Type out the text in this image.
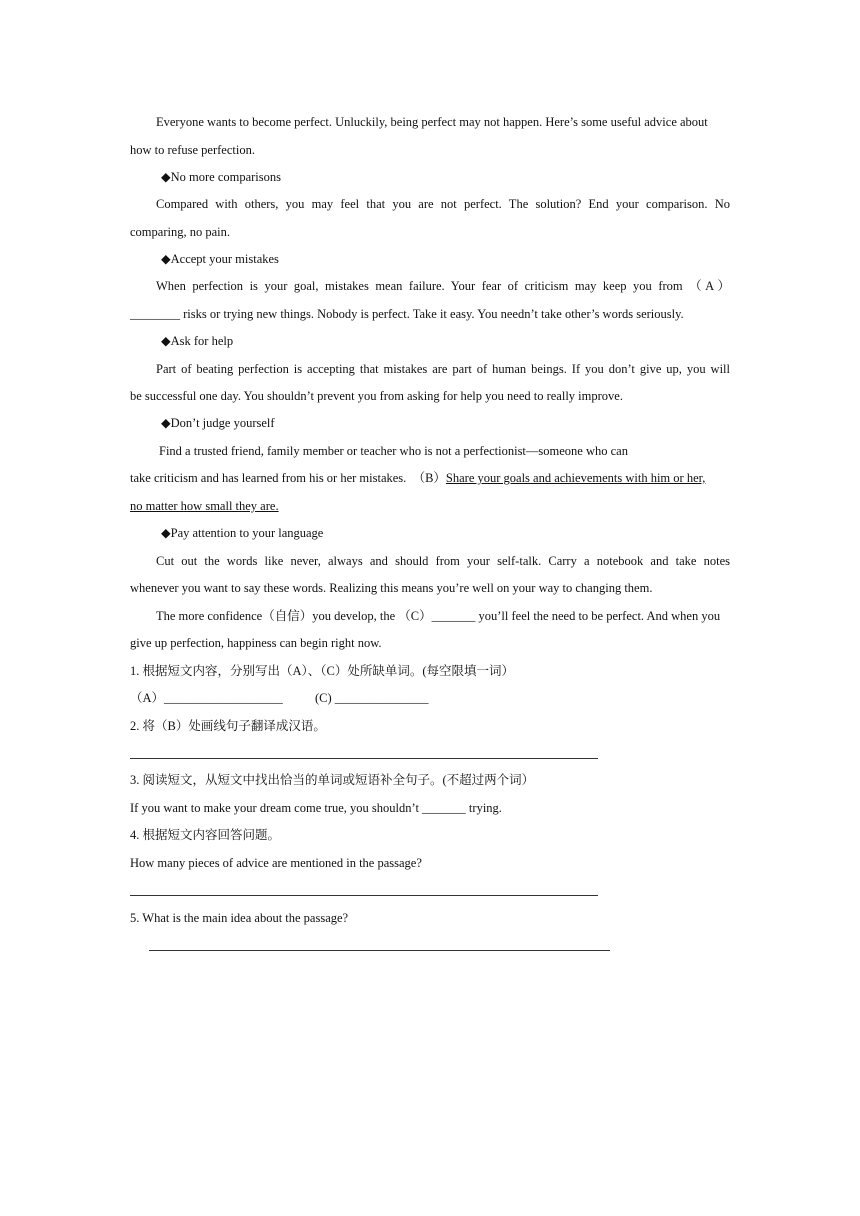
Everyone wants to become perfect. Unluckily, being perfect may not happen. Here’s some useful advice about
how to refuse perfection.
◆No more comparisons
Compared with others, you may feel that you are not perfect. The solution? End your comparison. No
comparing, no pain.
◆Accept your mistakes
When perfection is your goal, mistakes mean failure. Your fear of criticism may keep you from （A）
________ risks or trying new things. Nobody is perfect. Take it easy. You needn’t take other’s words seriously.
◆Ask for help
Part of beating perfection is accepting that mistakes are part of human beings. If you don’t give up, you will
be successful one day. You shouldn’t prevent you from asking for help you need to really improve.
◆Don’t judge yourself
Find a trusted friend, family member or teacher who is not a perfectionist—someone who can
take criticism and has learned from his or her mistakes. （B）Share your goals and achievements with him or her,
no matter how small they are.
◆Pay attention to your language
Cut out the words like never, always and should from your self-talk. Carry a notebook and take notes
whenever you want to say these words. Realizing this means you’re well on your way to changing them.
The more confidence（自信）you develop, the （C）_______ you’ll feel the need to be perfect. And when you
give up perfection, happiness can begin right now.
1. 根据短文内容，分别写出（A）、（C）处所缺单词。(每空限填一词）
（A）___________________	(C) _______________
2. 将（B）处画线句子翻译成汉语。
3. 阅读短文，从短文中找出恰当的单词或短语补全句子。(不超过两个词）
If you want to make your dream come true, you shouldn’t _______ trying.
4. 根据短文内容回答问题。
How many pieces of advice are mentioned in the passage?
5. What is the main idea about the passage?
